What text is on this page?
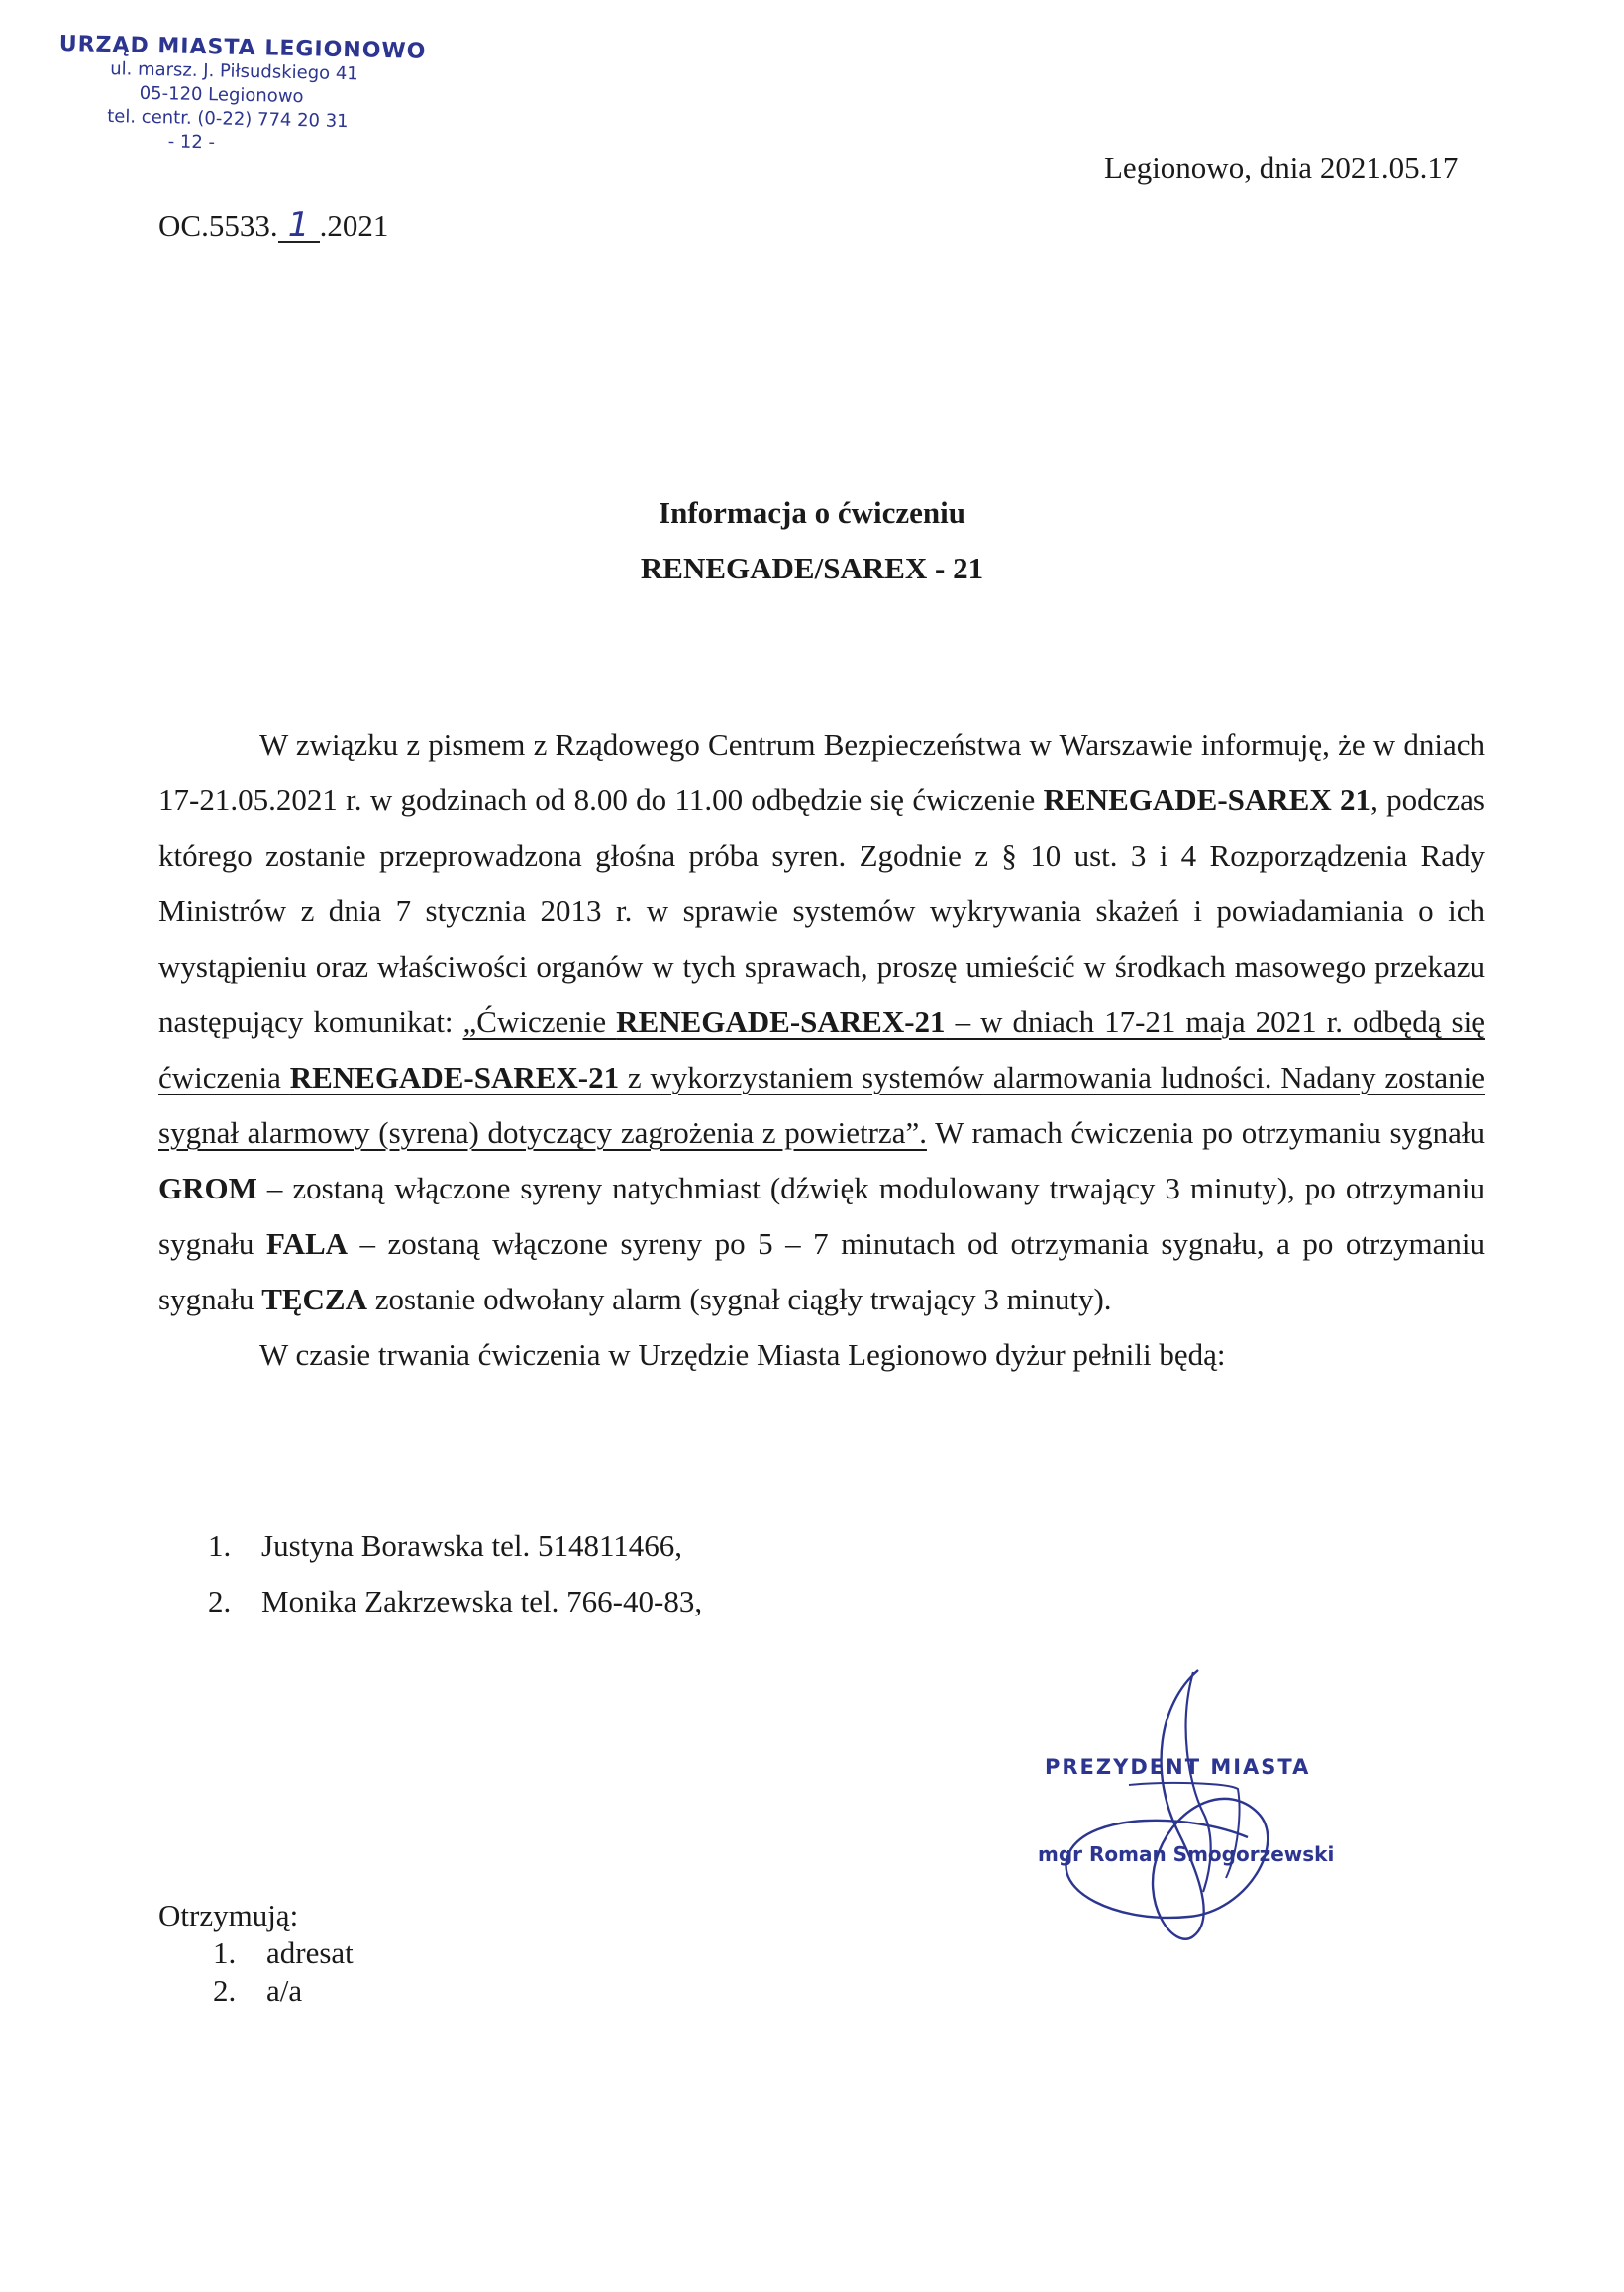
URZĄD MIASTA LEGIONOWO
ul. marsz. J. Piłsudskiego 41
05-120 Legionowo
tel. centr. (0-22) 774 20 31
- 12 -
Legionowo, dnia 2021.05.17
OC.5533. 1 .2021
Informacja o ćwiczeniu
RENEGADE/SAREX - 21

W związku z pismem z Rządowego Centrum Bezpieczeństwa w Warszawie informuję, że w dniach 17-21.05.2021 r. w godzinach od 8.00 do 11.00 odbędzie się ćwiczenie RENEGADE-SAREX 21, podczas którego zostanie przeprowadzona głośna próba syren. Zgodnie z § 10 ust. 3 i 4 Rozporządzenia Rady Ministrów z dnia 7 stycznia 2013 r. w sprawie systemów wykrywania skażeń i powiadamiania o ich wystąpieniu oraz właściwości organów w tych sprawach, proszę umieścić w środkach masowego przekazu następujący komunikat: „Ćwiczenie RENEGADE-SAREX-21 – w dniach 17-21 maja 2021 r. odbędą się ćwiczenia RENEGADE-SAREX-21 z wykorzystaniem systemów alarmowania ludności. Nadany zostanie sygnał alarmowy (syrena) dotyczący zagrożenia z powietrza”. W ramach ćwiczenia po otrzymaniu sygnału GROM – zostaną włączone syreny natychmiast (dźwięk modulowany trwający 3 minuty), po otrzymaniu sygnału FALA – zostaną włączone syreny po 5 – 7 minutach od otrzymania sygnału, a po otrzymaniu sygnału TĘCZA zostanie odwołany alarm (sygnał ciągły trwający 3 minuty).

W czasie trwania ćwiczenia w Urzędzie Miasta Legionowo dyżur pełnili będą:

1. Justyna Borawska tel. 514811466,
2. Monika Zakrzewska tel. 766-40-83,
PREZYDENT MIASTA
mgr Roman Smogorzewski
Otrzymują:
1. adresat
2. a/a
